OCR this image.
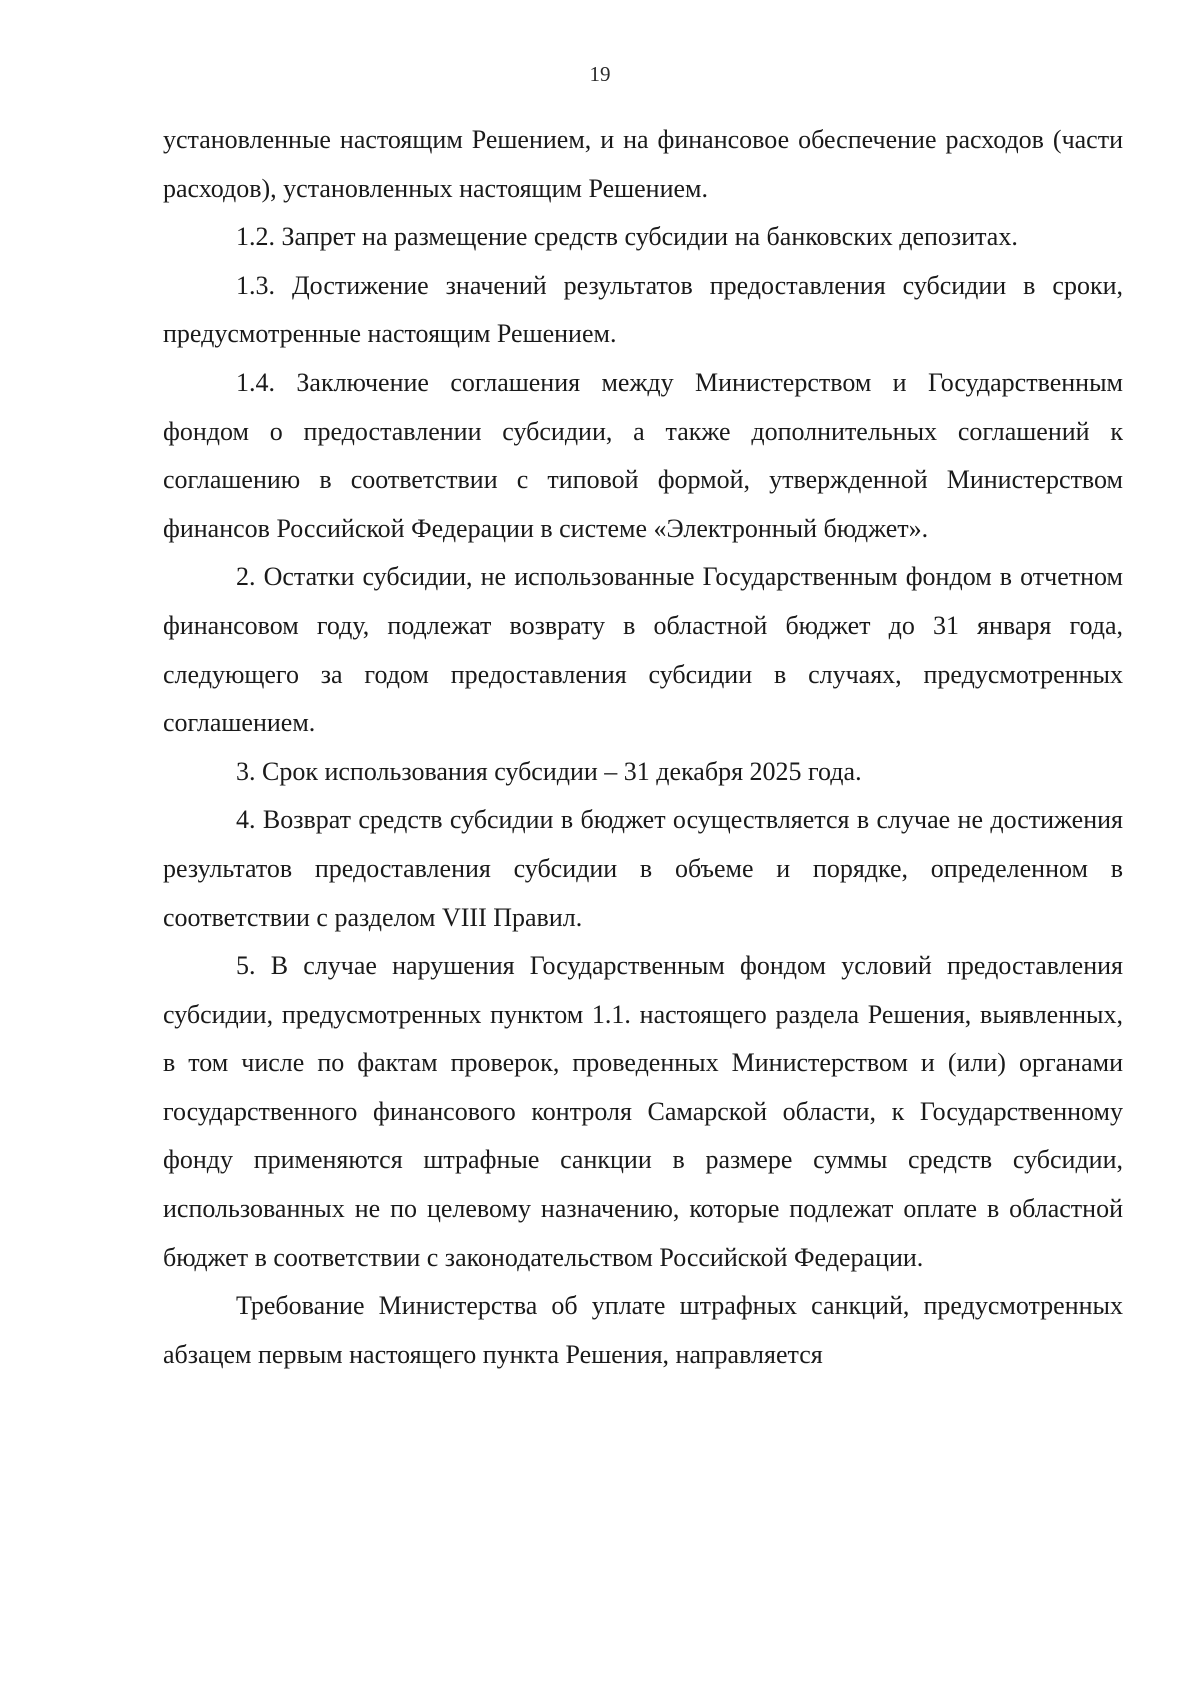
19

установленные настоящим Решением, и на финансовое обеспечение расходов (части расходов), установленных настоящим Решением.

1.2. Запрет на размещение средств субсидии на банковских депозитах.

1.3. Достижение значений результатов предоставления субсидии в сроки, предусмотренные настоящим Решением.

1.4. Заключение соглашения между Министерством и Государственным фондом о предоставлении субсидии, а также дополнительных соглашений к соглашению в соответствии с типовой формой, утвержденной Министерством финансов Российской Федерации в системе «Электронный бюджет».

2. Остатки субсидии, не использованные Государственным фондом в отчетном финансовом году, подлежат возврату в областной бюджет до 31 января года, следующего за годом предоставления субсидии в случаях, предусмотренных соглашением.

3. Срок использования субсидии – 31 декабря 2025 года.

4. Возврат средств субсидии в бюджет осуществляется в случае не достижения результатов предоставления субсидии в объеме и порядке, определенном в соответствии с разделом VIII Правил.

5. В случае нарушения Государственным фондом условий предоставления субсидии, предусмотренных пунктом 1.1. настоящего раздела Решения, выявленных, в том числе по фактам проверок, проведенных Министерством и (или) органами государственного финансового контроля Самарской области, к Государственному фонду применяются штрафные санкции в размере суммы средств субсидии, использованных не по целевому назначению, которые подлежат оплате в областной бюджет в соответствии с законодательством Российской Федерации.

Требование Министерства об уплате штрафных санкций, предусмотренных абзацем первым настоящего пункта Решения, направляется
